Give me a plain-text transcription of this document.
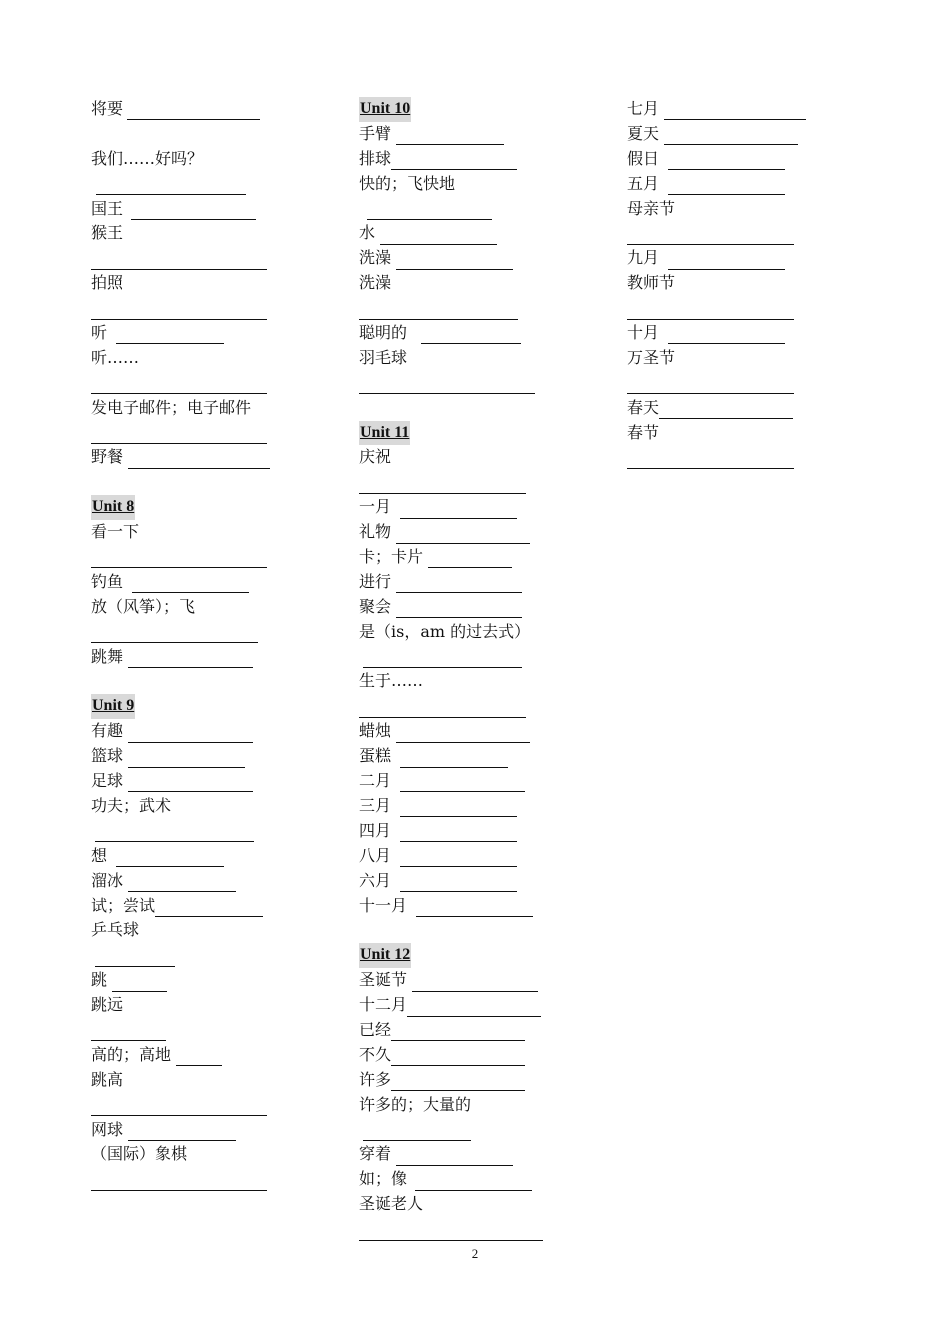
将要
我们……好吗？
国王
猴王
拍照
听
听……
发电子邮件；电子邮件
野餐
Unit 8
看一下
钓鱼
放（风筝）；飞
跳舞
Unit 9
有趣
篮球
足球
功夫；武术
想
溜冰
试；尝试
乒乓球
跳
跳远
高的；高地
跳高
网球
（国际）象棋
Unit 10
手臂
排球
快的；飞快地
水
洗澡
洗澡
聪明的
羽毛球
Unit 11
庆祝
一月
礼物
卡；卡片
进行
聚会
是（is，am 的过去式）
生于……
蜡烛
蛋糕
二月
三月
四月
八月
六月
十一月
Unit 12
圣诞节
十二月
已经
不久
许多
许多的；大量的
穿着
如；像
圣诞老人
七月
夏天
假日
五月
母亲节
九月
教师节
十月
万圣节
春天
春节
2
